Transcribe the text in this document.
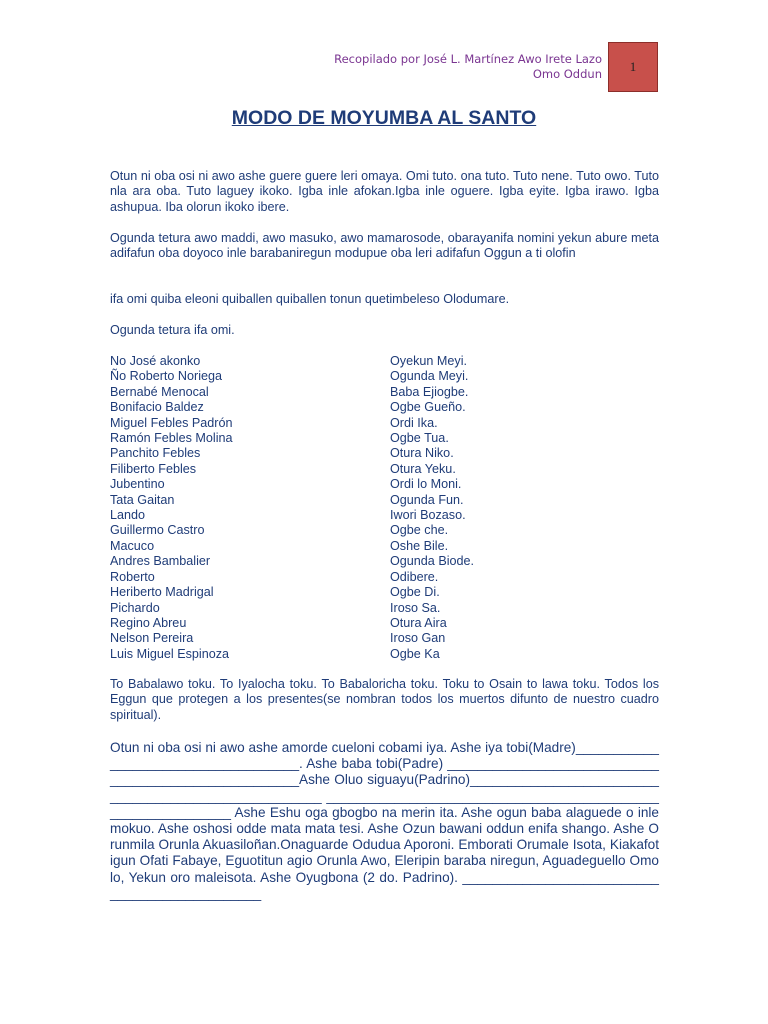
Recopilado por José L. Martínez Awo Irete Lazo
Omo Oddun 1
MODO DE MOYUMBA AL SANTO
Otun ni oba osi ni awo ashe guere guere leri omaya. Omi tuto. ona tuto. Tuto nene. Tuto owo. Tuto nla ara oba. Tuto laguey ikoko. Igba inle afokan.Igba inle oguere. Igba eyite. Igba irawo. Igba ashupua. Iba olorun ikoko ibere.
Ogunda tetura awo maddi, awo masuko, awo mamarosode, obarayanifa nomini yekun abure meta adifafun oba doyoco inle barabaniregun modupue oba leri adifafun Oggun a ti olofin
ifa omi quiba eleoni quiballen quiballen tonun quetimbeleso Olodumare.
Ogunda tetura ifa omi.
No José akonko	Oyekun Meyi.
Ño Roberto Noriega	Ogunda Meyi.
Bernabé Menocal	Baba Ejiogbe.
Bonifacio Baldez	Ogbe Gueño.
Miguel Febles Padrón	Ordi Ika.
Ramón Febles Molina	Ogbe Tua.
Panchito Febles	Otura Niko.
Filiberto Febles	Otura Yeku.
Jubentino	Ordi lo Moni.
Tata Gaitan	Ogunda Fun.
Lando	Iwori Bozaso.
Guillermo Castro	Ogbe che.
Macuco	Oshe Bile.
Andres Bambalier	Ogunda Biode.
Roberto	Odibere.
Heriberto Madrigal	Ogbe Di.
Pichardo	Iroso Sa.
Regino Abreu	Otura Aira
Nelson Pereira	Iroso Gan
Luis Miguel Espinoza	Ogbe Ka
To Babalawo toku. To Iyalocha toku. To Babaloricha toku. Toku to Osain to lawa toku. Todos los Eggun que protegen a los presentes(se nombran todos los muertos difunto de nuestro cuadro spiritual).
Otun ni oba osi ni awo ashe amorde cueloni cobami iya. Ashe iya tobi(Madre)____________________________________. Ashe baba tobi(Padre) _____________________________________________________Ashe Oluo siguayu(Padrino)_____________________________________________________ ____________________________________________________________ Ashe Eshu oga gbogbo na merin ita. Ashe ogun baba alaguede o inle mokuo. Ashe oshosi odde mata mata tesi. Ashe Ozun bawani oddun enifa shango. Ashe Orunmila Orunla Akuasiloñan.Onaguarde Odudua Aporoni. Emborati Orumale Isota, Kiakafotigun Ofati Fabaye, Eguotitun agio Orunla Awo, Eleripin baraba niregun, Aguadeguello Omolo, Yekun oro maleisota. Ashe Oyugbona (2 do. Padrino). ______________________________________________
